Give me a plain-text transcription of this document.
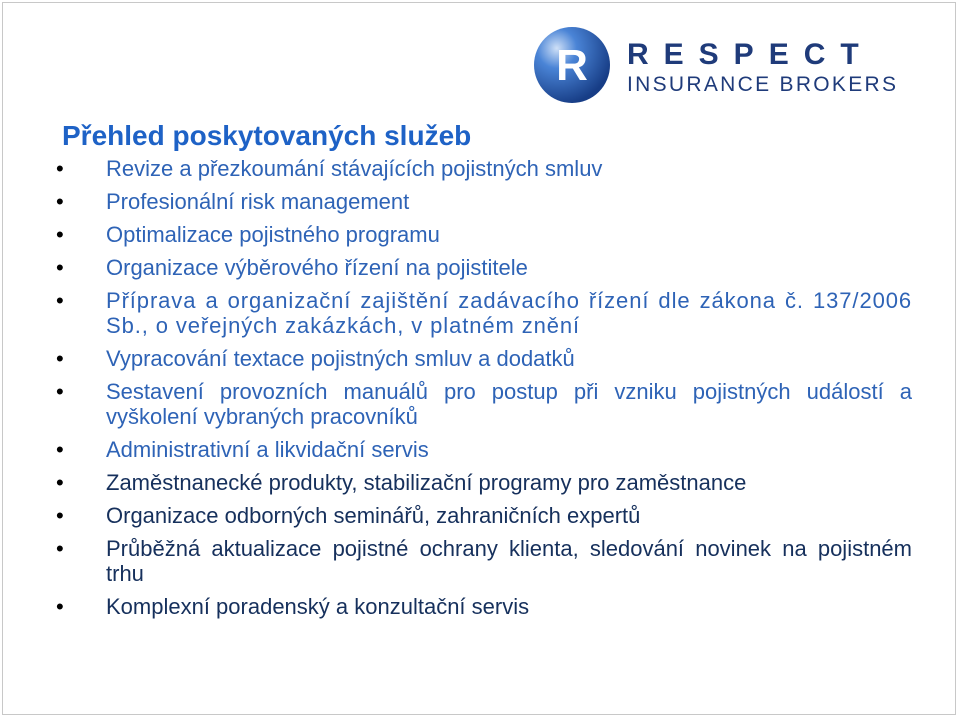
R RESPECT
INSURANCE BROKERS
Přehled poskytovaných služeb
• Revize a přezkoumání stávajících pojistných smluv
• Profesionální risk management
• Optimalizace pojistného programu
• Organizace výběrového řízení na pojistitele
• Příprava a organizační zajištění zadávacího řízení dle zákona č. 137/2006 Sb., o veřejných zakázkách, v platném znění
• Vypracování textace pojistných smluv a dodatků
• Sestavení provozních manuálů pro postup při vzniku pojistných událostí a vyškolení vybraných pracovníků
• Administrativní a likvidační servis
• Zaměstnanecké produkty, stabilizační programy pro zaměstnance
• Organizace odborných seminářů, zahraničních expertů
• Průběžná aktualizace pojistné ochrany klienta, sledování novinek na pojistném trhu
• Komplexní poradenský a konzultační servis
